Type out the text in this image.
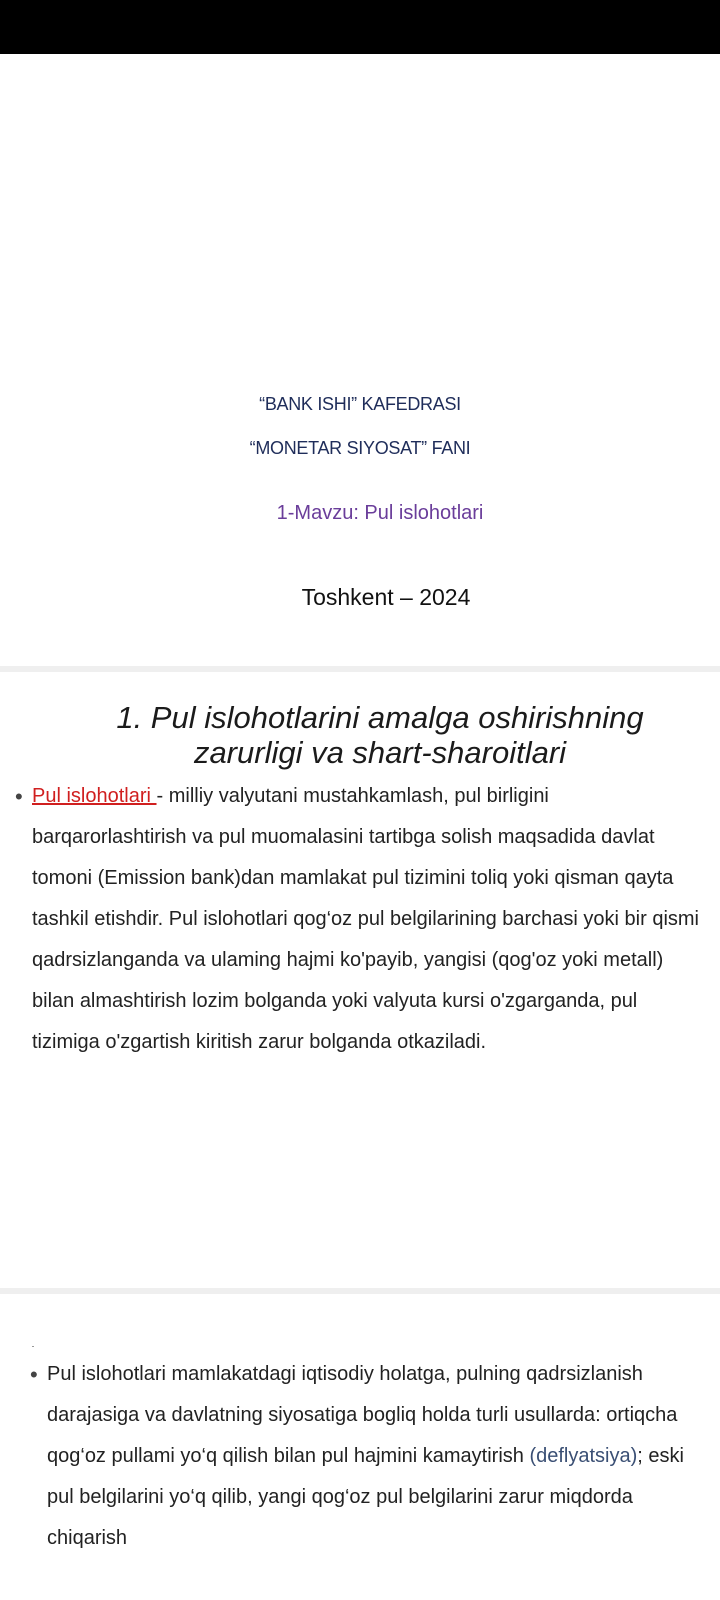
“BANK ISHI” KAFEDRASI
“MONETAR SIYOSAT” FANI
1-Mavzu: Pul islohotlari
Toshkent – 2024
1. Pul islohotlarini amalga oshirishning
zarurligi va shart-sharoitlari
• Pul islohotlari - milliy valyutani mustahkamlash, pul birligini barqarorlashtirish va pul muomalasini tartibga solish maqsadida davlat tomoni (Emission bank)dan mamlakat pul tizimini toliq yoki qisman qayta tashkil etishdir. Pul islohotlari qog‘oz pul belgilarining barchasi yoki bir qismi qadrsizlanganda va ulaming hajmi ko'payib, yangisi (qog'oz yoki metall) bilan almashtirish lozim bolganda yoki valyuta kursi o'zgarganda, pul tizimiga o'zgartish kiritish zarur bolganda otkaziladi.
• Pul islohotlari mamlakatdagi iqtisodiy holatga, pulning qadrsizlanish darajasiga va davlatning siyosatiga bogliq holda turli usullarda: ortiqcha qog‘oz pullami yo‘q qilish bilan pul hajmini kamaytirish (deflyatsiya); eski pul belgilarini yo‘q qilib, yangi qog‘oz pul belgilarini zarur miqdorda chiqarish
